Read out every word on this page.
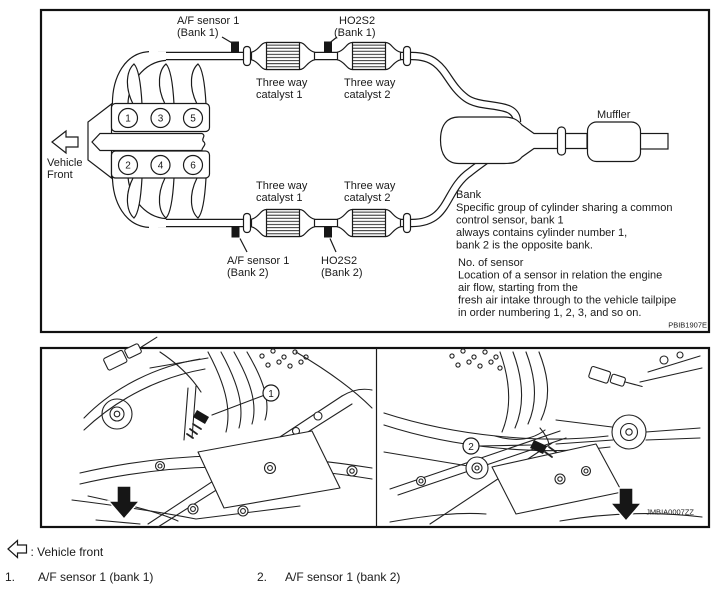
1	3	5
2	4	6
Vehicle
Front
Muffler
A/F sensor 1
(Bank 1)
HO2S2
(Bank 1)
Three way
catalyst 1
Three way
catalyst 2
Three way
catalyst 1
Three way
catalyst 2
A/F sensor 1
(Bank 2)
HO2S2
(Bank 2)
Bank
Specific group of cylinder sharing a common
control sensor, bank 1
always contains cylinder number 1,
bank 2 is the opposite bank.
No. of sensor
Location of a sensor in relation the engine
air flow, starting from the
fresh air intake through to the vehicle tailpipe
in order numbering 1, 2, 3, and so on.
PBIB1907E
1
2
JMBIA0007ZZ
: Vehicle front
1. A/F sensor 1 (bank 1)	2. A/F sensor 1 (bank 2)
